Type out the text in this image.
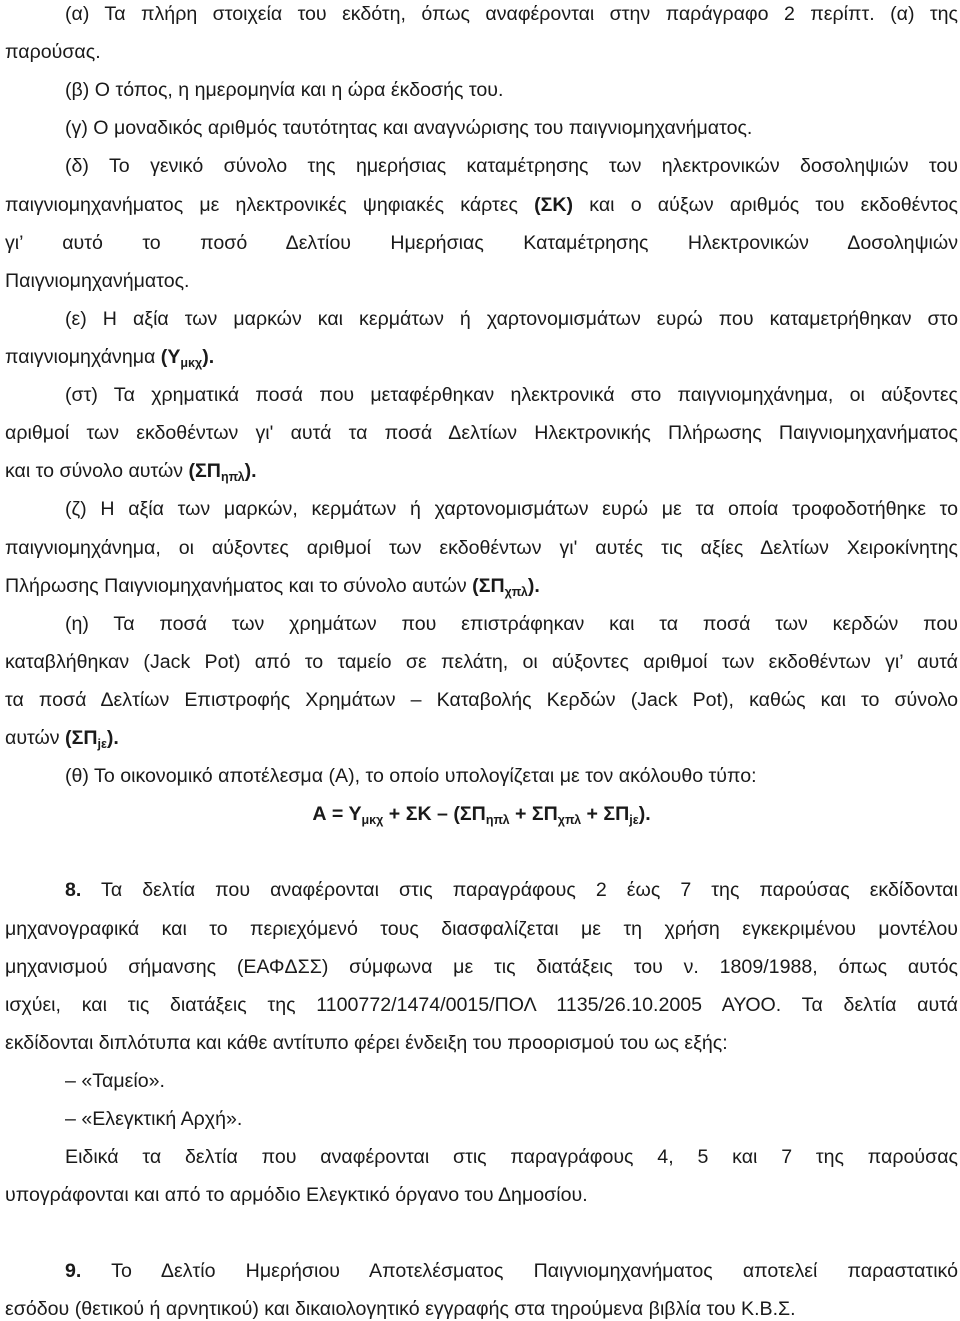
(α) Τα πλήρη στοιχεία του εκδότη, όπως αναφέρονται στην παράγραφο 2 περίπτ. (α) της
παρούσας.
(β) Ο τόπος, η ημερομηνία και η ώρα έκδοσής του.
(γ) Ο μοναδικός αριθμός ταυτότητας και αναγνώρισης του παιγνιομηχανήματος.
(δ) Το γενικό σύνολο της ημερήσιας καταμέτρησης των ηλεκτρονικών δοσοληψιών του
παιγνιομηχανήματος με ηλεκτρονικές ψηφιακές κάρτες (ΣΚ) και ο αύξων αριθμός του εκδοθέντος
γι’ αυτό το ποσό Δελτίου Ημερήσιας Καταμέτρησης Ηλεκτρονικών Δοσοληψιών
Παιγνιομηχανήματος.
(ε) Η αξία των μαρκών και κερμάτων ή χαρτονομισμάτων ευρώ που καταμετρήθηκαν στο
παιγνιομηχάνημα $(\Upsilon_{\mu\kappa\chi})$.
(στ) Τα χρηματικά ποσά που μεταφέρθηκαν ηλεκτρονικά στο παιγνιομηχάνημα, οι αύξοντες
αριθμοί των εκδοθέντων γι' αυτά τα ποσά Δελτίων Ηλεκτρονικής Πλήρωσης Παιγνιομηχανήματος
και το σύνολο αυτών $(\Sigma\Pi_{\eta\pi\lambda})$.
(ζ) Η αξία των μαρκών, κερμάτων ή χαρτονομισμάτων ευρώ με τα οποία τροφοδοτήθηκε το
παιγνιομηχάνημα, οι αύξοντες αριθμοί των εκδοθέντων γι' αυτές τις αξίες Δελτίων Χειροκίνητης
Πλήρωσης Παιγνιομηχανήματος και το σύνολο αυτών $(\Sigma\Pi_{\chi\pi\lambda})$.
(η) Τα ποσά των χρημάτων που επιστράφηκαν και τα ποσά των κερδών που
καταβλήθηκαν (Jack Pot) από το ταμείο σε πελάτη, οι αύξοντες αριθμοί των εκδοθέντων γι’ αυτά
τα ποσά Δελτίων Επιστροφής Χρημάτων – Καταβολής Κερδών (Jack Pot), καθώς και το σύνολο
αυτών $(\Sigma\Pi_{j\varepsilon})$.
(θ) Το οικονομικό αποτέλεσμα (Α), το οποίο υπολογίζεται με τον ακόλουθο τύπο:
$A = \Upsilon_{\mu\kappa\chi} + \Sigma K - (\Sigma\Pi_{\eta\pi\lambda} + \Sigma\Pi_{\chi\pi\lambda} + \Sigma\Pi_{j\varepsilon})$.
8. Τα δελτία που αναφέρονται στις παραγράφους 2 έως 7 της παρούσας εκδίδονται
μηχανογραφικά και το περιεχόμενό τους διασφαλίζεται με τη χρήση εγκεκριμένου μοντέλου
μηχανισμού σήμανσης (ΕΑΦΔΣΣ) σύμφωνα με τις διατάξεις του ν. 1809/1988, όπως αυτός
ισχύει, και τις διατάξεις της 1100772/1474/0015/ΠΟΛ 1135/26.10.2005 ΑΥΟΟ. Τα δελτία αυτά
εκδίδονται διπλότυπα και κάθε αντίτυπο φέρει ένδειξη του προορισμού του ως εξής:
– «Ταμείο».
– «Ελεγκτική Αρχή».
Ειδικά τα δελτία που αναφέρονται στις παραγράφους 4, 5 και 7 της παρούσας
υπογράφονται και από το αρμόδιο Ελεγκτικό όργανο του Δημοσίου.
9. Το Δελτίο Ημερήσιου Αποτελέσματος Παιγνιομηχανήματος αποτελεί παραστατικό
εσόδου (θετικού ή αρνητικού) και δικαιολογητικό εγγραφής στα τηρούμενα βιβλία του Κ.Β.Σ.
